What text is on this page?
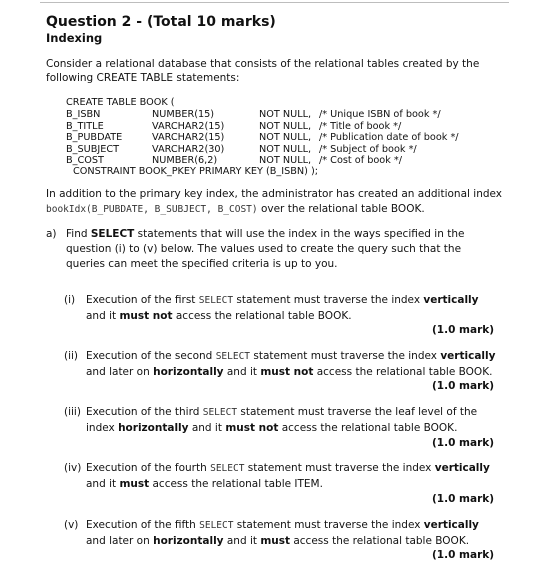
Question 2 - (Total 10 marks)
Indexing
Consider a relational database that consists of the relational tables created by the
following CREATE TABLE statements:
CREATE TABLE BOOK (
B_ISBN	NUMBER(15)	NOT NULL, /* Unique ISBN of book */
B_TITLE	VARCHAR2(15)	NOT NULL, /* Title of book */
B_PUBDATE	VARCHAR2(15)	NOT NULL, /* Publication date of book */
B_SUBJECT	VARCHAR2(30)	NOT NULL, /* Subject of book */
B_COST	NUMBER(6,2)	NOT NULL, /* Cost of book */
CONSTRAINT BOOK_PKEY PRIMARY KEY (B_ISBN) );
In addition to the primary key index, the administrator has created an additional index
bookIdx(B_PUBDATE, B_SUBJECT, B_COST) over the relational table BOOK.
a) Find SELECT statements that will use the index in the ways specified in the
question (i) to (v) below. The values used to create the query such that the
queries can meet the specified criteria is up to you.
(i) Execution of the first SELECT statement must traverse the index vertically
and it must not access the relational table BOOK.
(1.0 mark)
(ii) Execution of the second SELECT statement must traverse the index vertically
and later on horizontally and it must not access the relational table BOOK.
(1.0 mark)
(iii) Execution of the third SELECT statement must traverse the leaf level of the
index horizontally and it must not access the relational table BOOK.
(1.0 mark)
(iv) Execution of the fourth SELECT statement must traverse the index vertically
and it must access the relational table ITEM.
(1.0 mark)
(v) Execution of the fifth SELECT statement must traverse the index vertically
and later on horizontally and it must access the relational table BOOK.
(1.0 mark)
